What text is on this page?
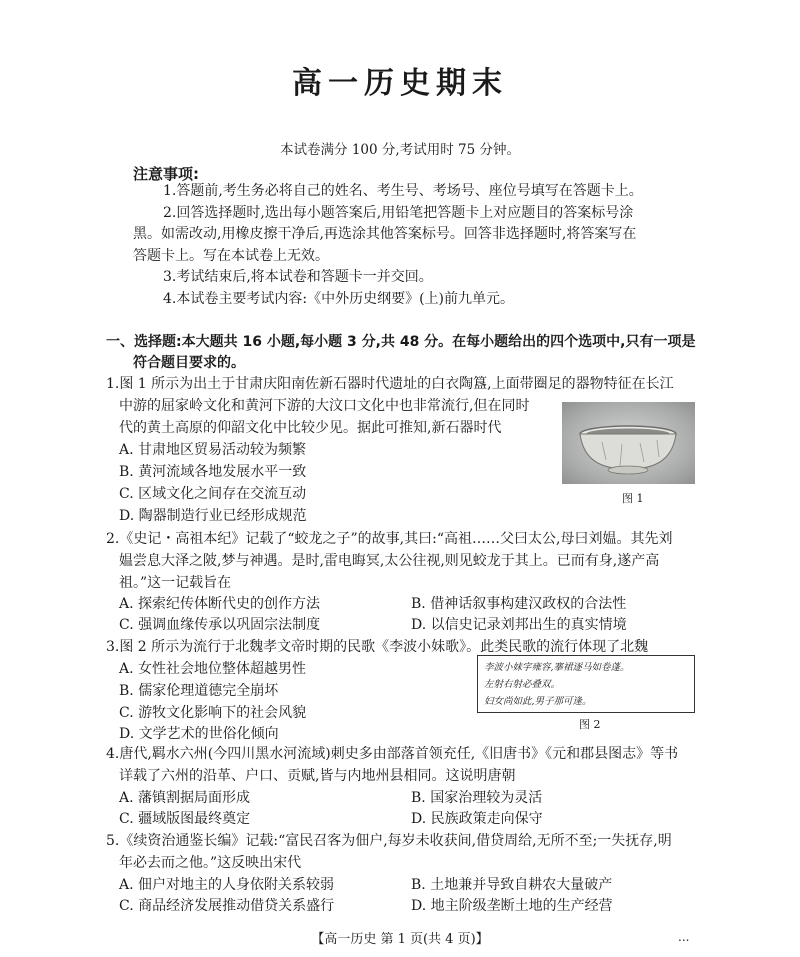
高一历史期末
本试卷满分 100 分,考试用时 75 分钟。
注意事项:
1.答题前,考生务必将自己的姓名、考生号、考场号、座位号填写在答题卡上。
2.回答选择题时,选出每小题答案后,用铅笔把答题卡上对应题目的答案标号涂
黑。如需改动,用橡皮擦干净后,再选涂其他答案标号。回答非选择题时,将答案写在
答题卡上。写在本试卷上无效。
3.考试结束后,将本试卷和答题卡一并交回。
4.本试卷主要考试内容:《中外历史纲要》(上)前九单元。
一、选择题:本大题共 16 小题,每小题 3 分,共 48 分。在每小题给出的四个选项中,只有一项是
符合题目要求的。
1.图 1 所示为出土于甘肃庆阳南佐新石器时代遗址的白衣陶簋,上面带圈足的器物特征在长江
中游的屈家岭文化和黄河下游的大汶口文化中也非常流行,但在同时
代的黄土高原的仰韶文化中比较少见。据此可推知,新石器时代
A. 甘肃地区贸易活动较为频繁
B. 黄河流域各地发展水平一致
C. 区域文化之间存在交流互动
D. 陶器制造行业已经形成规范
图 1
2.《史记・高祖本纪》记载了“蛟龙之子”的故事,其曰:“高祖……父曰太公,母曰刘媪。其先刘
媪尝息大泽之陂,梦与神遇。是时,雷电晦冥,太公往视,则见蛟龙于其上。已而有身,遂产高
祖。”这一记载旨在
A. 探索纪传体断代史的创作方法	B. 借神话叙事构建汉政权的合法性
C. 强调血缘传承以巩固宗法制度	D. 以信史记录刘邦出生的真实情境
3.图 2 所示为流行于北魏孝文帝时期的民歌《李波小妹歌》。此类民歌的流行体现了北魏
A. 女性社会地位整体超越男性
B. 儒家伦理道德完全崩坏
C. 游牧文化影响下的社会风貌
D. 文学艺术的世俗化倾向
李波小妹字雍容,搴裙逐马如卷蓬。
左射右射必叠双。
妇女尚如此,男子那可逢。
图 2
4.唐代,羁水六州(今四川黑水河流域)刺史多由部落首领充任,《旧唐书》《元和郡县图志》等书
详载了六州的沿革、户口、贡赋,皆与内地州县相同。这说明唐朝
A. 藩镇割据局面形成	B. 国家治理较为灵活
C. 疆域版图最终奠定	D. 民族政策走向保守
5.《续资治通鉴长编》记载:“富民召客为佃户,每岁未收获间,借贷周给,无所不至;一失抚存,明
年必去而之他。”这反映出宋代
A. 佃户对地主的人身依附关系较弱	B. 土地兼并导致自耕农大量破产
C. 商品经济发展推动借贷关系盛行	D. 地主阶级垄断土地的生产经营
【高一历史 第 1 页(共 4 页)】	...
